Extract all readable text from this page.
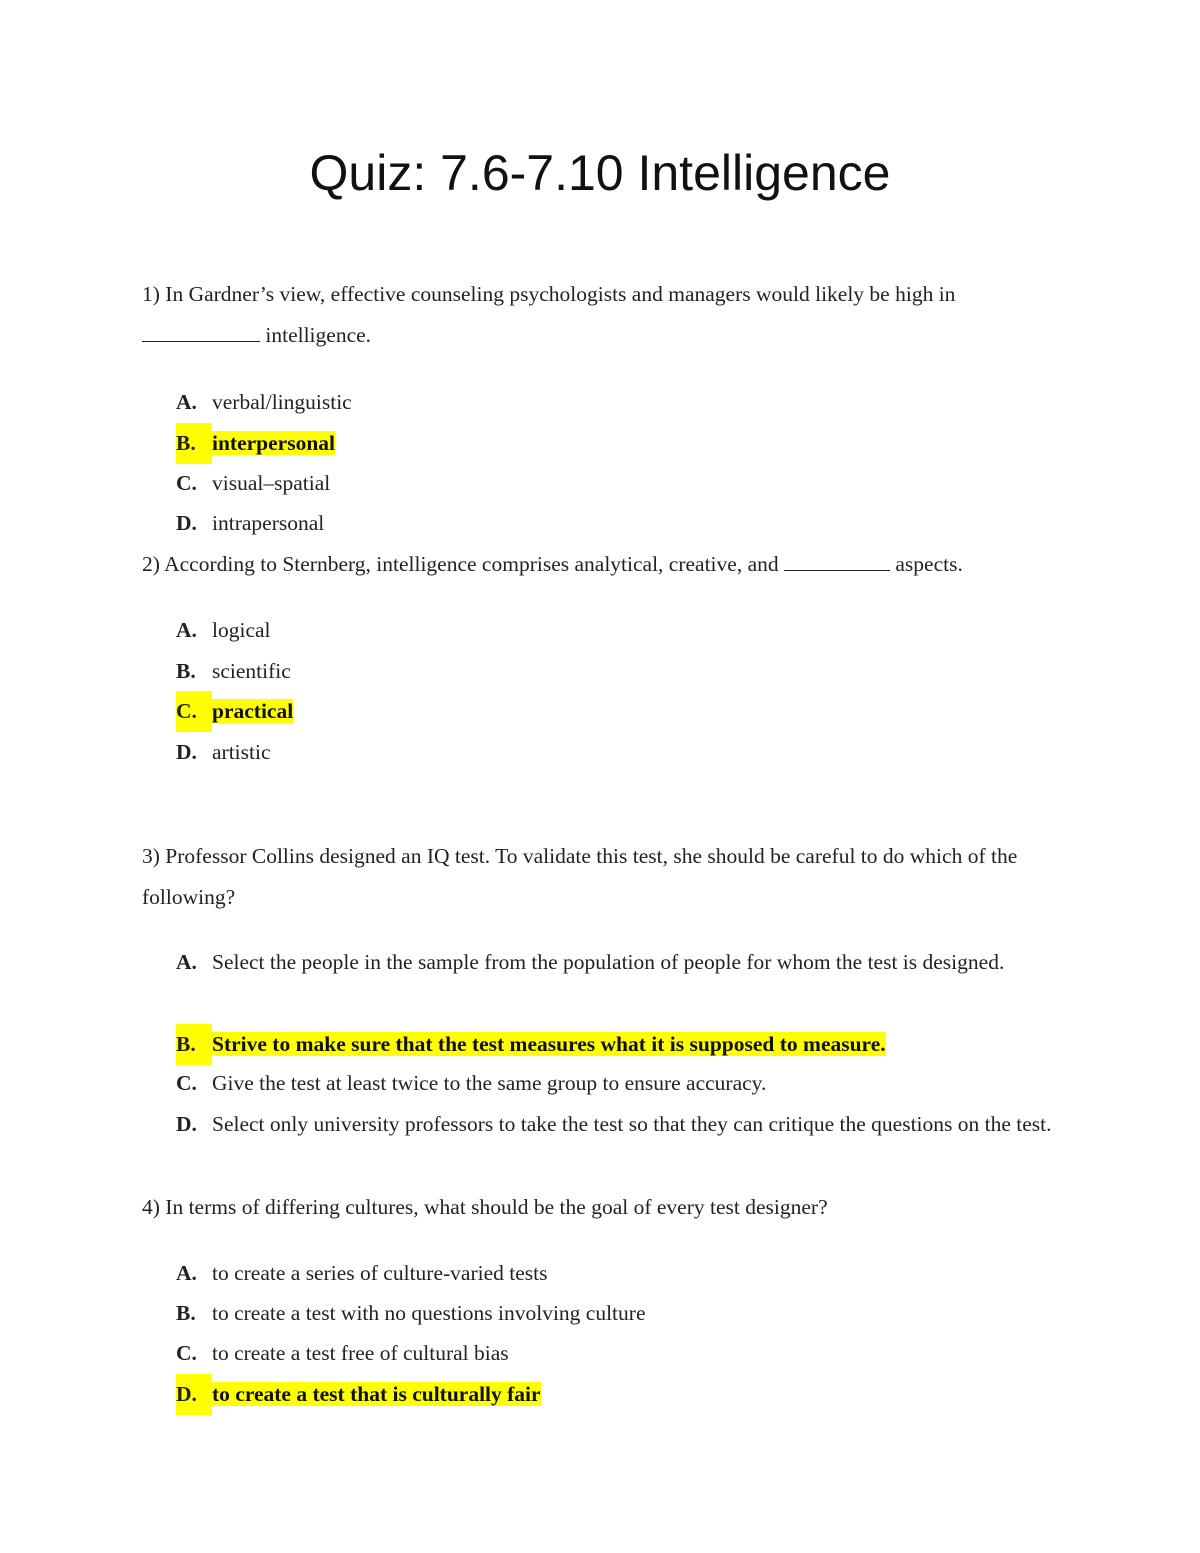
Quiz: 7.6-7.10 Intelligence

1) In Gardner’s view, effective counseling psychologists and managers would likely be high in
intelligence.

A. verbal/linguistic
B. interpersonal
C. visual–spatial
D. intrapersonal

2) According to Sternberg, intelligence comprises analytical, creative, and	aspects.

A. logical
B. scientific
C. practical
D. artistic

3) Professor Collins designed an IQ test. To validate this test, she should be careful to do which of the following?

A. Select the people in the sample from the population of people for whom the test is designed.
B. Strive to make sure that the test measures what it is supposed to measure.
C. Give the test at least twice to the same group to ensure accuracy.
D. Select only university professors to take the test so that they can critique the questions on the test.

4) In terms of differing cultures, what should be the goal of every test designer?

A. to create a series of culture-varied tests
B. to create a test with no questions involving culture
C. to create a test free of cultural bias
D. to create a test that is culturally fair
